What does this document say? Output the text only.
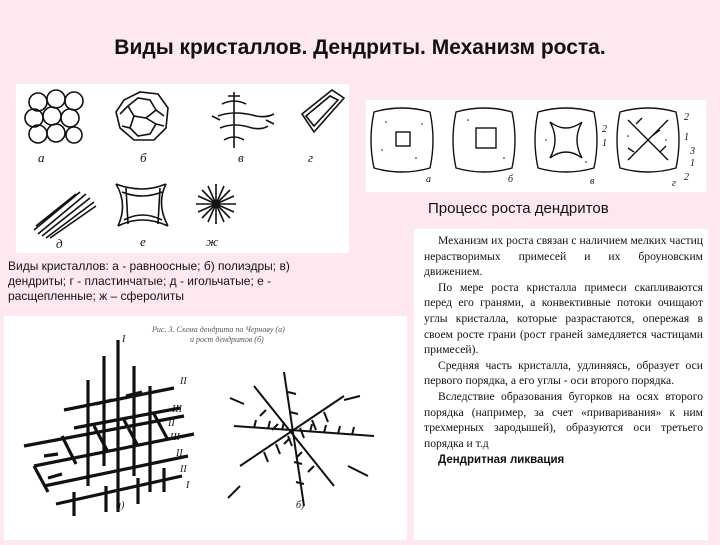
Виды кристаллов. Дендриты. Механизм роста.
а	б	в	г
д	е	ж
Виды кристаллов: а - равноосные; б) полиэдры; в) дендриты; г - пластинчатые; д - игольчатые; е - расщепленные; ж – сферолиты
а	б	в	г
2
1
2
1
3
1
2
Процесс роста дендритов
Рис. 3. Схема дендрита по Чернову (а)
и рост дендритов (б)
I
II
III
II
III
II
II
I
а)	б)

Механизм их роста связан с наличием мелких частиц нерастворимых примесей и их броуновским движением.

По мере роста кристалла примеси скапливаются перед его гранями, а конвективные потоки очищают углы кристалла, которые разрастаются, опережая в своем росте грани (рост граней замедляется частицами примесей).

Средняя часть кристалла, удлиняясь, образует оси первого порядка, а его углы - оси второго порядка.

Вследствие образования бугорков на осях второго порядка (например, за счет «приваривания» к ним трехмерных зародышей), образуются оси третьего порядка и т.д

Дендритная ликвация
